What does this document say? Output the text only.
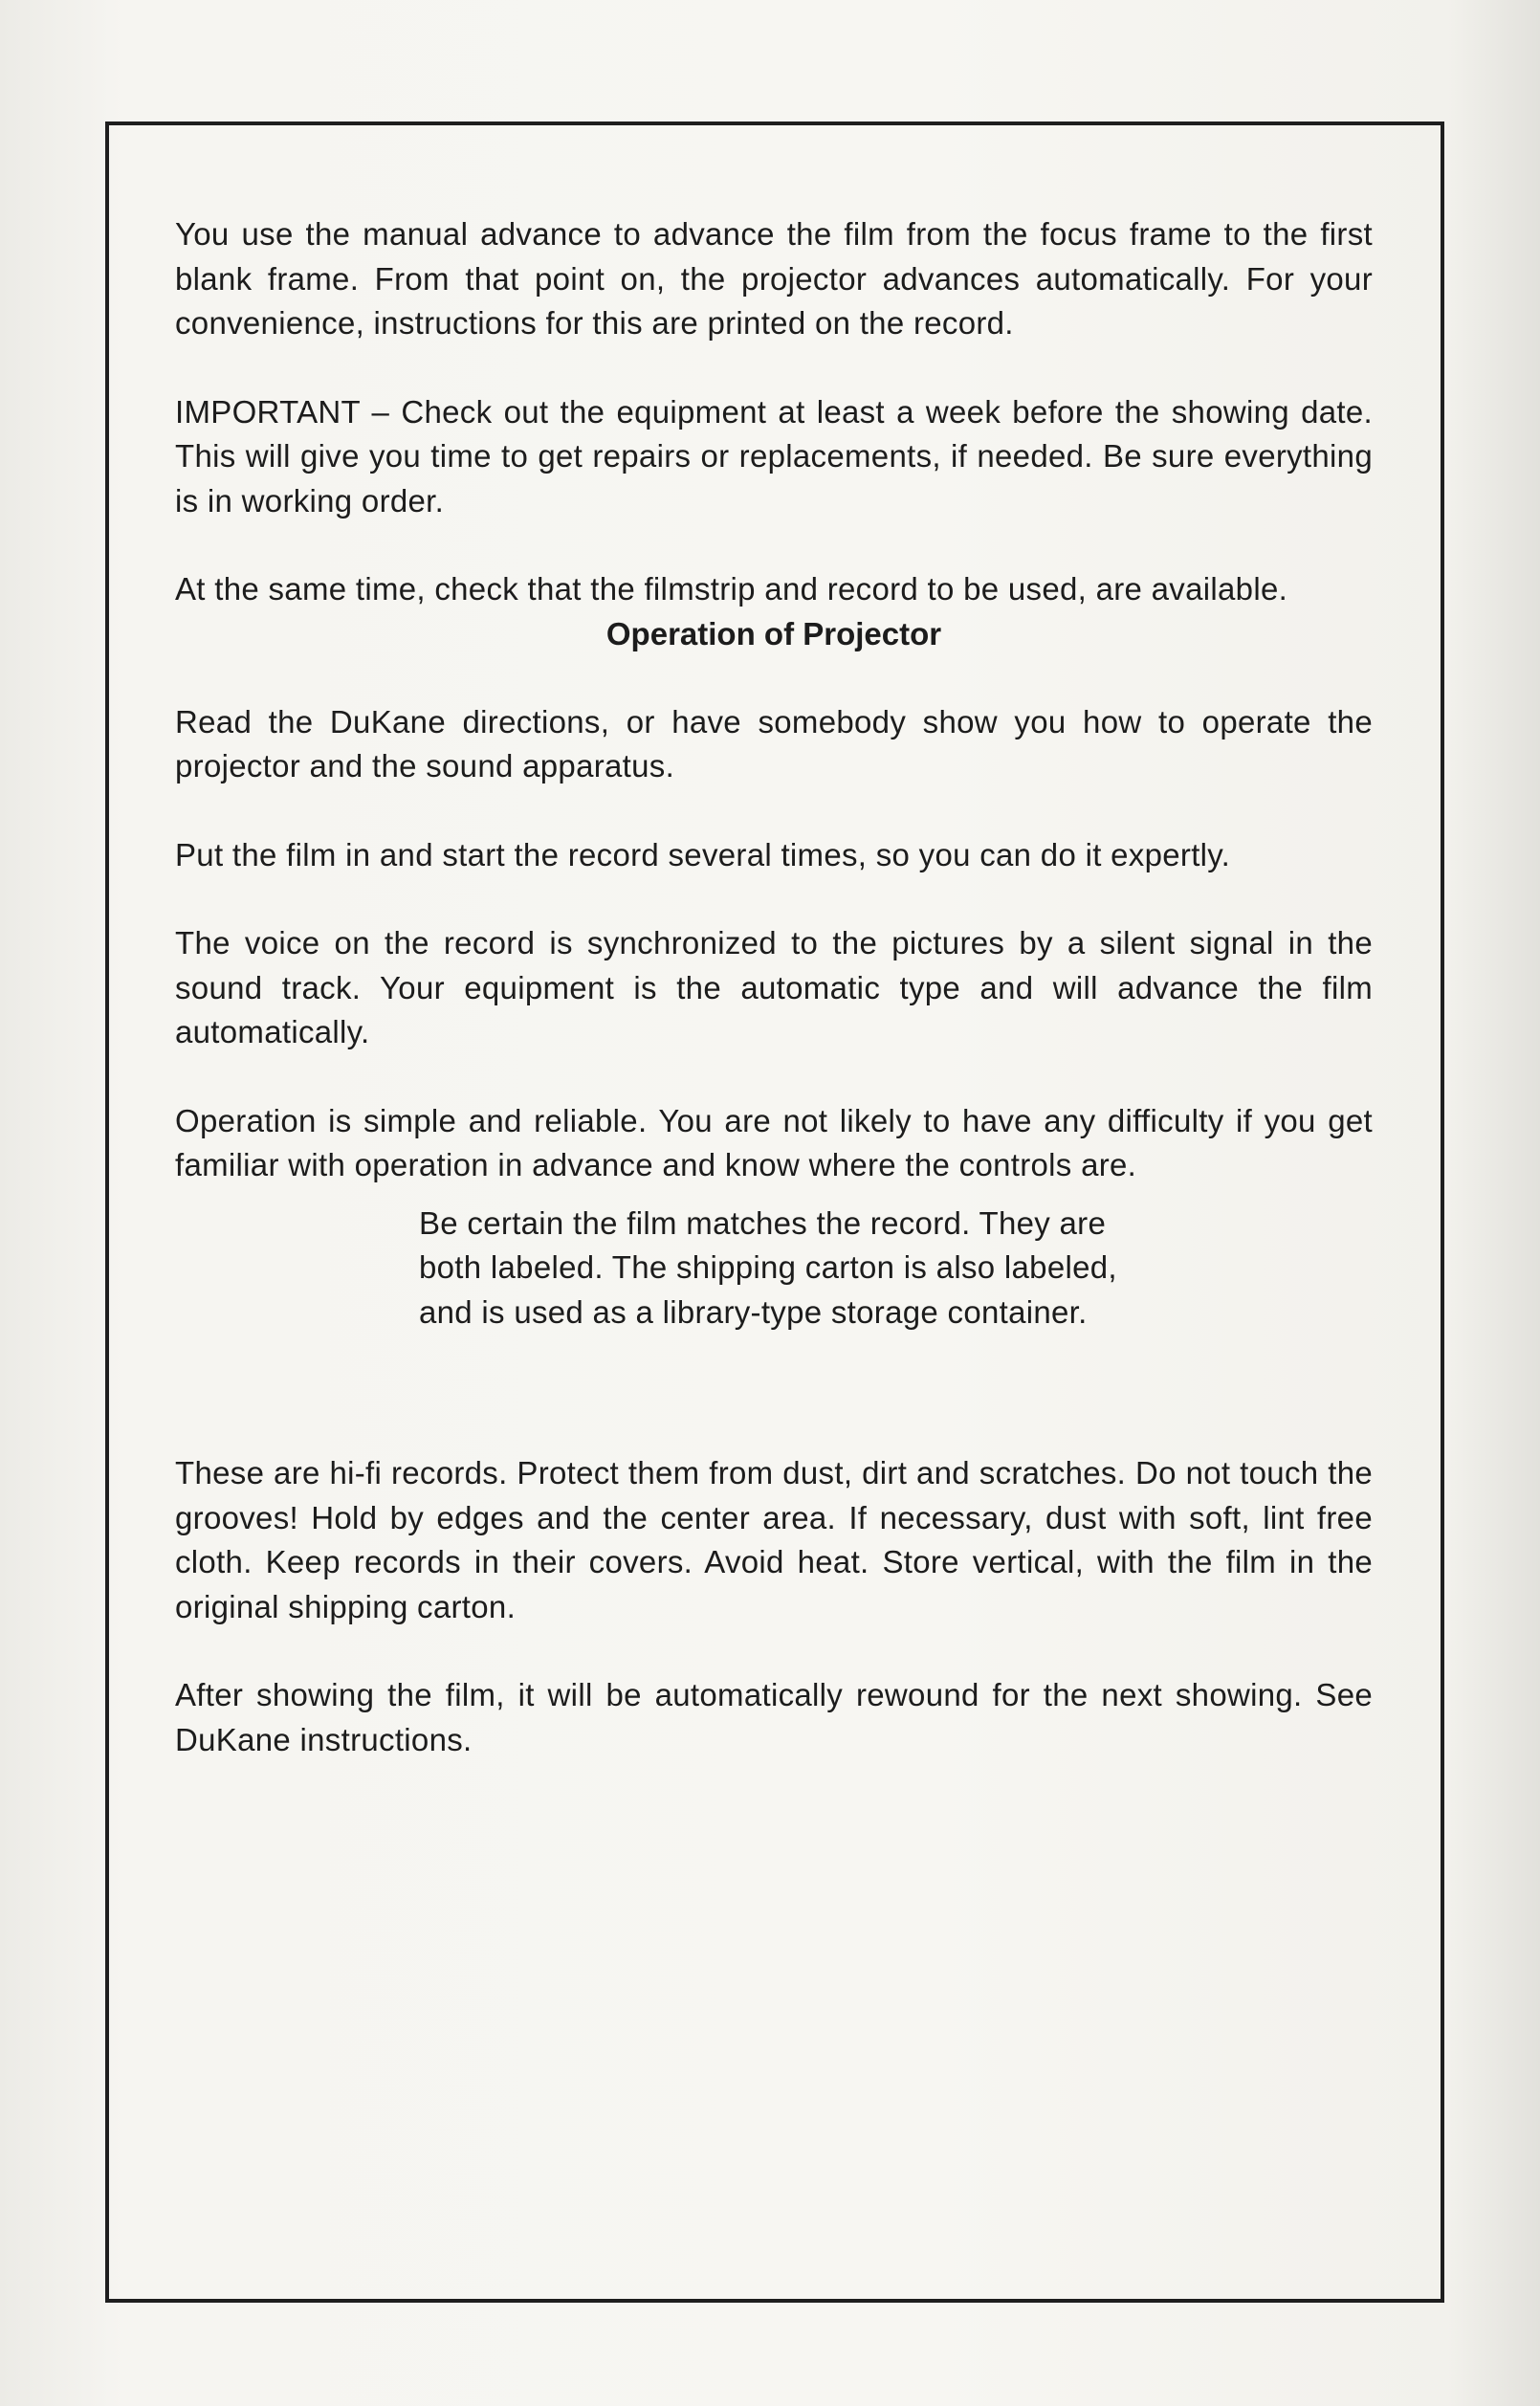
You use the manual advance to advance the film from the focus frame to the first blank frame. From that point on, the projector advances automatically. For your convenience, instructions for this are printed on the record.

IMPORTANT – Check out the equipment at least a week before the showing date. This will give you time to get repairs or replacements, if needed. Be sure everything is in working order.

At the same time, check that the filmstrip and record to be used, are available.

Operation of Projector

Read the DuKane directions, or have somebody show you how to operate the projector and the sound apparatus.

Put the film in and start the record several times, so you can do it expertly.

The voice on the record is synchronized to the pictures by a silent signal in the sound track. Your equipment is the automatic type and will advance the film automatically.

Operation is simple and reliable. You are not likely to have any difficulty if you get familiar with operation in advance and know where the controls are.

Be certain the film matches the record. They are both labeled. The shipping carton is also labeled, and is used as a library-type storage container.

These are hi-fi records. Protect them from dust, dirt and scratches. Do not touch the grooves! Hold by edges and the center area. If necessary, dust with soft, lint free cloth. Keep records in their covers. Avoid heat. Store vertical, with the film in the original shipping carton.

After showing the film, it will be automatically rewound for the next showing. See DuKane instructions.
